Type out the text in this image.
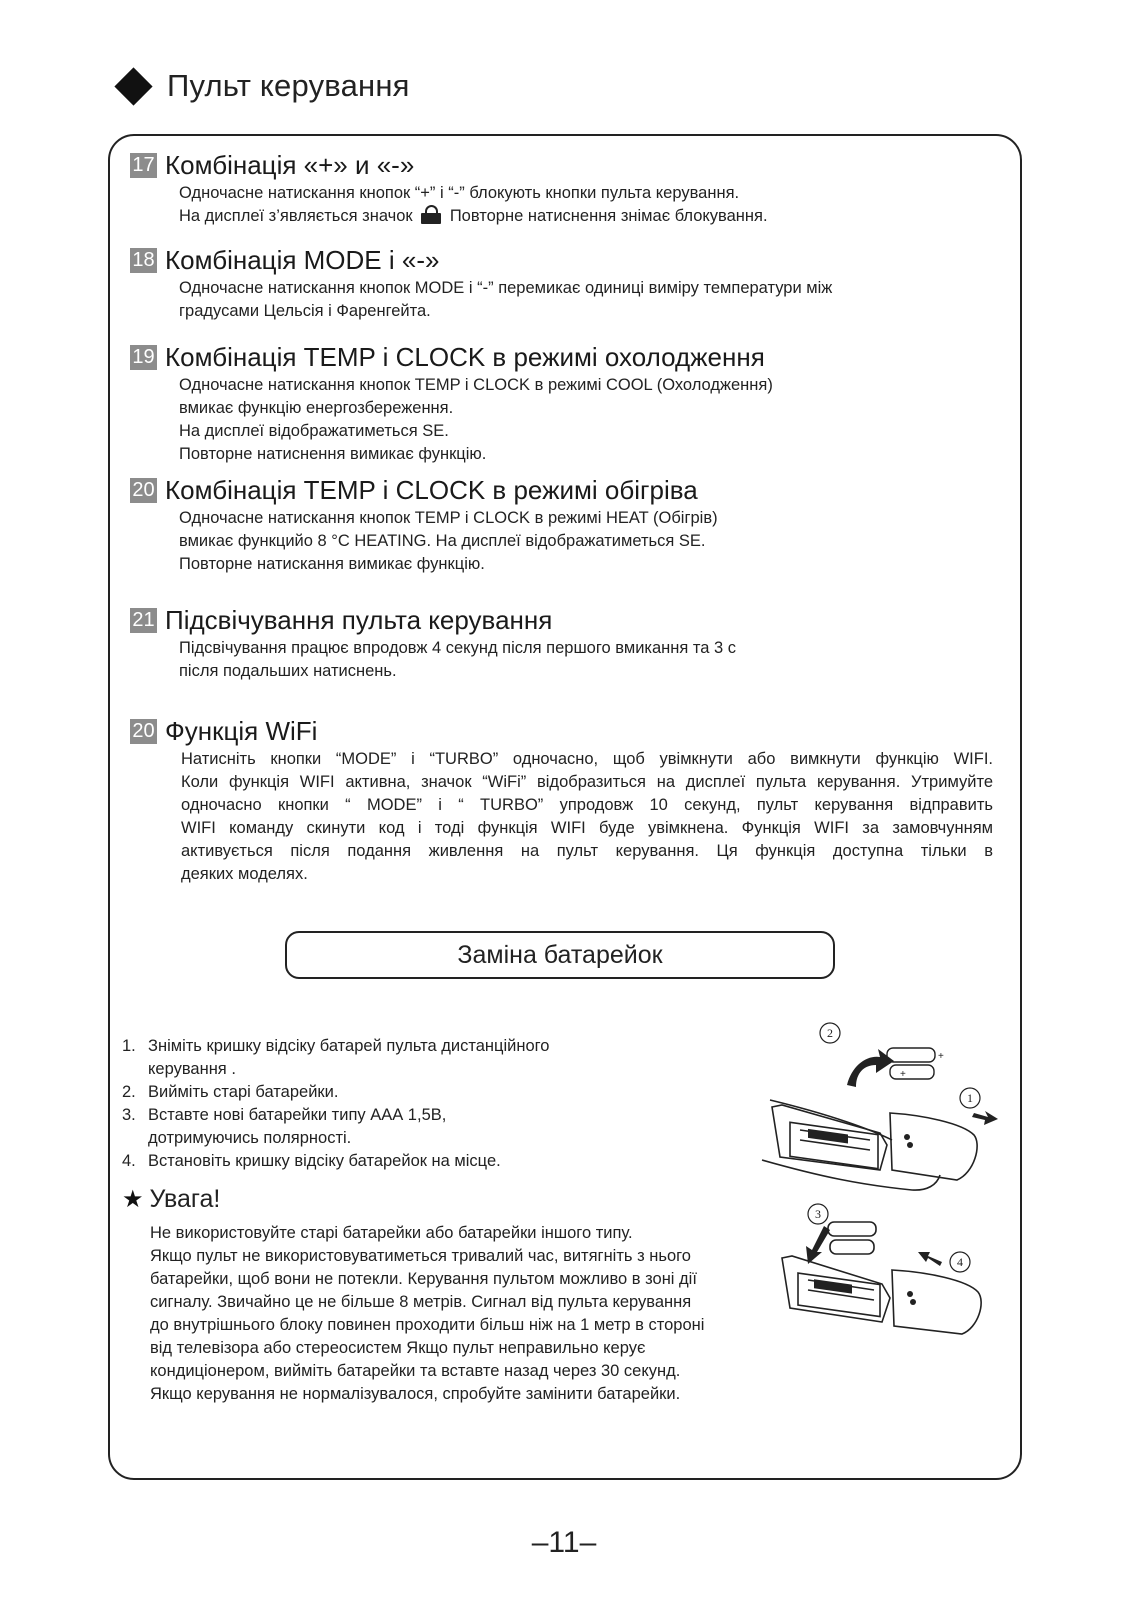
Пульт керування
17 Комбінація «+» и «-»
Одночасне натискання кнопок “+” і “-” блокують кнопки пульта керування.
На дисплеї з’являється значок Повторне натиснення знімає блокування.
18 Комбінація MODE і «-»
Одночасне натискання кнопок MODE і “-” перемикає одиниці виміру температури між
градусами Цельсія і Фаренгейта.
19 Комбінація TEMP і CLOCK в режимі охолодження
Одночасне натискання кнопок TEMP і CLOCK в режимі COOL (Охолодження)
вмикає функцію енергозбереження.
На дисплеї відображатиметься SE.
Повторне натиснення вимикає функцію.
20 Комбінація TEMP і CLOCK в режимі обігріва
Одночасне натискання кнопок TEMP і CLOCK в режимі HEAT (Обігрів)
вмикає функцийо 8 °C HEATING. На дисплеї відображатиметься SE.
Повторне натискання вимикає функцію.
21 Підсвічування пульта керування
Підсвічування працює впродовж 4 секунд після першого вмикання та 3 с
після подальших натиснень.
20 Функція WiFi
Натисніть кнопки “MODE” і “TURBO” одночасно, щоб увімкнути або вимкнути функцію WIFI.
Коли функція WIFI активна, значок “WiFi” відобразиться на дисплеї пульта керування. Утримуйте
одночасно кнопки “ MODE” і “ TURBO” упродовж 10 секунд, пульт керування відправить
WIFI команду скинути код і тоді функція WIFI буде увімкнена. Функція WIFI за замовчунням
активується після подання живлення на пульт керування. Ця функція доступна тільки в
деяких моделях.
Заміна батарейок
1. Зніміть кришку відсіку батарей пульта дистанційного
керування .
2. Вийміть старі батарейки.
3. Вставте нові батарейки типу ААА 1,5В,
дотримуючись полярності.
4. Встановіть кришку відсіку батарейок на місце.
★ Увага!
Не використовуйте старі батарейки або батарейки іншого типу.
Якщо пульт не використовуватиметься тривалий час, витягніть з нього
батарейки, щоб вони не потекли. Керування пультом можливо в зоні дії
сигналу. Звичайно це не більше 8 метрів. Сигнал від пульта керування
до внутрішнього блоку повинен проходити більш ніж на 1 метр в стороні
від телевізора або стереосистем Якщо пульт неправильно керує
кондиціонером, вийміть батарейки та вставте назад через 30 секунд.
Якщо керування не нормалізувалося, спробуйте замінити батарейки.
+
+
2
1
3
4
–11–
